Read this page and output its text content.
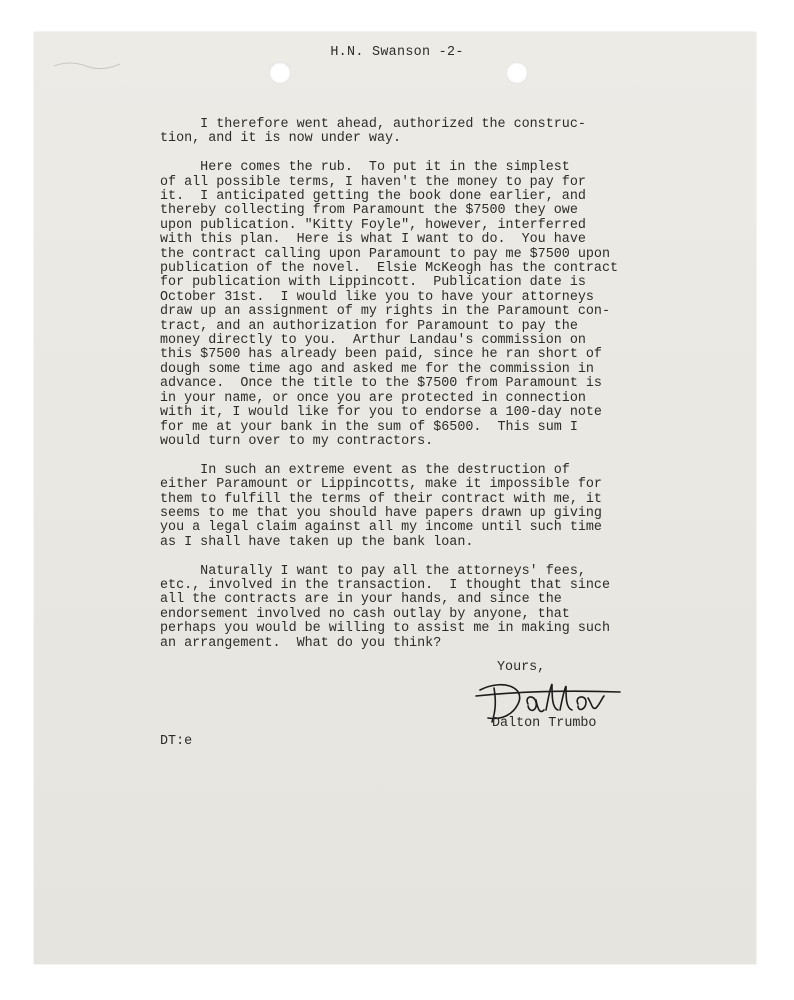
H.N. Swanson -2-
I therefore went ahead, authorized the construc-
tion, and it is now under way.
Here comes the rub.  To put it in the simplest
of all possible terms, I haven't the money to pay for
it.  I anticipated getting the book done earlier, and
thereby collecting from Paramount the $7500 they owe
upon publication. "Kitty Foyle", however, interferred
with this plan.  Here is what I want to do.  You have
the contract calling upon Paramount to pay me $7500 upon
publication of the novel.  Elsie McKeogh has the contract
for publication with Lippincott.  Publication date is
October 31st.  I would like you to have your attorneys
draw up an assignment of my rights in the Paramount con-
tract, and an authorization for Paramount to pay the
money directly to you.  Arthur Landau's commission on
this $7500 has already been paid, since he ran short of
dough some time ago and asked me for the commission in
advance.  Once the title to the $7500 from Paramount is
in your name, or once you are protected in connection
with it, I would like for you to endorse a 100-day note
for me at your bank in the sum of $6500.  This sum I
would turn over to my contractors.
In such an extreme event as the destruction of
either Paramount or Lippincotts, make it impossible for
them to fulfill the terms of their contract with me, it
seems to me that you should have papers drawn up giving
you a legal claim against all my income until such time
as I shall have taken up the bank loan.
Naturally I want to pay all the attorneys' fees,
etc., involved in the transaction.  I thought that since
all the contracts are in your hands, and since the
endorsement involved no cash outlay by anyone, that
perhaps you would be willing to assist me in making such
an arrangement.  What do you think?
Yours,
Dalton Trumbo
DT:e
